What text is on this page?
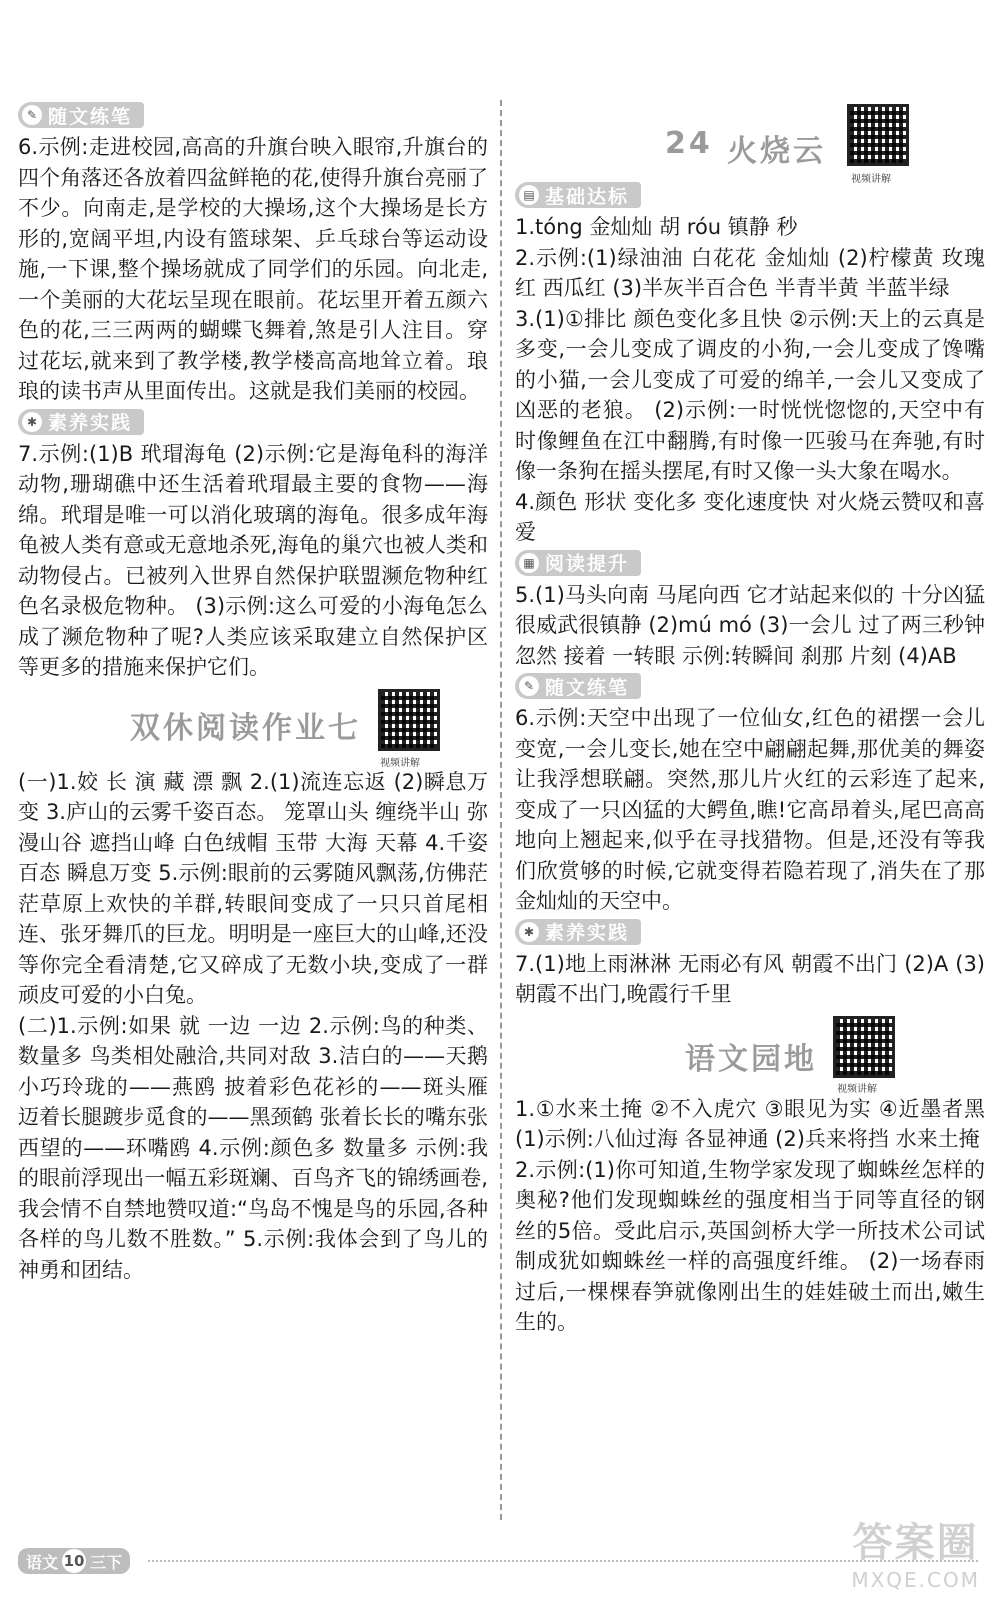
✎ 随文练笔

6.示例:走进校园,高高的升旗台映入眼帘,升旗台的四个角落还各放着四盆鲜艳的花,使得升旗台亮丽了不少。向南走,是学校的大操场,这个大操场是长方形的,宽阔平坦,内设有篮球架、乒乓球台等运动设施,一下课,整个操场就成了同学们的乐园。向北走,一个美丽的大花坛呈现在眼前。花坛里开着五颜六色的花,三三两两的蝴蝶飞舞着,煞是引人注目。穿过花坛,就来到了教学楼,教学楼高高地耸立着。琅琅的读书声从里面传出。这就是我们美丽的校园。

✱ 素养实践

7.示例:(1)B 玳瑁海龟 (2)示例:它是海龟科的海洋动物,珊瑚礁中还生活着玳瑁最主要的食物——海绵。玳瑁是唯一可以消化玻璃的海龟。很多成年海龟被人类有意或无意地杀死,海龟的巢穴也被人类和动物侵占。已被列入世界自然保护联盟濒危物种红色名录极危物种。 (3)示例:这么可爱的小海龟怎么成了濒危物种了呢?人类应该采取建立自然保护区等更多的措施来保护它们。

双休阅读作业七
视频讲解

(一)1.姣 长 演 藏 漂 飘 2.(1)流连忘返 (2)瞬息万变 3.庐山的云雾千姿百态。 笼罩山头 缠绕半山 弥漫山谷 遮挡山峰 白色绒帽 玉带 大海 天幕 4.千姿百态 瞬息万变 5.示例:眼前的云雾随风飘荡,仿佛茫茫草原上欢快的羊群,转眼间变成了一只只首尾相连、张牙舞爪的巨龙。明明是一座巨大的山峰,还没等你完全看清楚,它又碎成了无数小块,变成了一群顽皮可爱的小白兔。

(二)1.示例:如果 就 一边 一边 2.示例:鸟的种类、数量多 鸟类相处融洽,共同对敌 3.洁白的——天鹅 小巧玲珑的——燕鸥 披着彩色花衫的——斑头雁 迈着长腿踱步觅食的——黑颈鹤 张着长长的嘴东张西望的——环嘴鸥 4.示例:颜色多 数量多 示例:我的眼前浮现出一幅五彩斑斓、百鸟齐飞的锦绣画卷,我会情不自禁地赞叹道:“鸟岛不愧是鸟的乐园,各种各样的鸟儿数不胜数。” 5.示例:我体会到了鸟儿的神勇和团结。

24 火烧云
视频讲解
▤ 基础达标

1.tóng 金灿灿 胡 róu 镇静 秒

2.示例:(1)绿油油 白花花 金灿灿 (2)柠檬黄 玫瑰红 西瓜红 (3)半灰半百合色 半青半黄 半蓝半绿

3.(1)①排比 颜色变化多且快 ②示例:天上的云真是多变,一会儿变成了调皮的小狗,一会儿变成了馋嘴的小猫,一会儿变成了可爱的绵羊,一会儿又变成了凶恶的老狼。 (2)示例:一时恍恍惚惚的,天空中有时像鲤鱼在江中翻腾,有时像一匹骏马在奔驰,有时像一条狗在摇头摆尾,有时又像一头大象在喝水。

4.颜色 形状 变化多 变化速度快 对火烧云赞叹和喜爱

▦ 阅读提升

5.(1)马头向南 马尾向西 它才站起来似的 十分凶猛 很威武很镇静 (2)mú mó (3)一会儿 过了两三秒钟 忽然 接着 一转眼 示例:转瞬间 刹那 片刻 (4)AB

✎ 随文练笔

6.示例:天空中出现了一位仙女,红色的裙摆一会儿变宽,一会儿变长,她在空中翩翩起舞,那优美的舞姿让我浮想联翩。突然,那儿片火红的云彩连了起来,变成了一只凶猛的大鳄鱼,瞧!它高昂着头,尾巴高高地向上翘起来,似乎在寻找猎物。但是,还没有等我们欣赏够的时候,它就变得若隐若现了,消失在了那金灿灿的天空中。

✱ 素养实践

7.(1)地上雨淋淋 无雨必有风 朝霞不出门 (2)A (3)朝霞不出门,晚霞行千里

语文园地
视频讲解

1.①水来土掩 ②不入虎穴 ③眼见为实 ④近墨者黑 (1)示例:八仙过海 各显神通 (2)兵来将挡 水来土掩

2.示例:(1)你可知道,生物学家发现了蜘蛛丝怎样的奥秘?他们发现蜘蛛丝的强度相当于同等直径的钢丝的5倍。受此启示,英国剑桥大学一所技术公司试制成犹如蜘蛛丝一样的高强度纤维。 (2)一场春雨过后,一棵棵春笋就像刚出生的娃娃破土而出,嫩生生的。

语文 10 三下	答案圈
MXQE.COM
